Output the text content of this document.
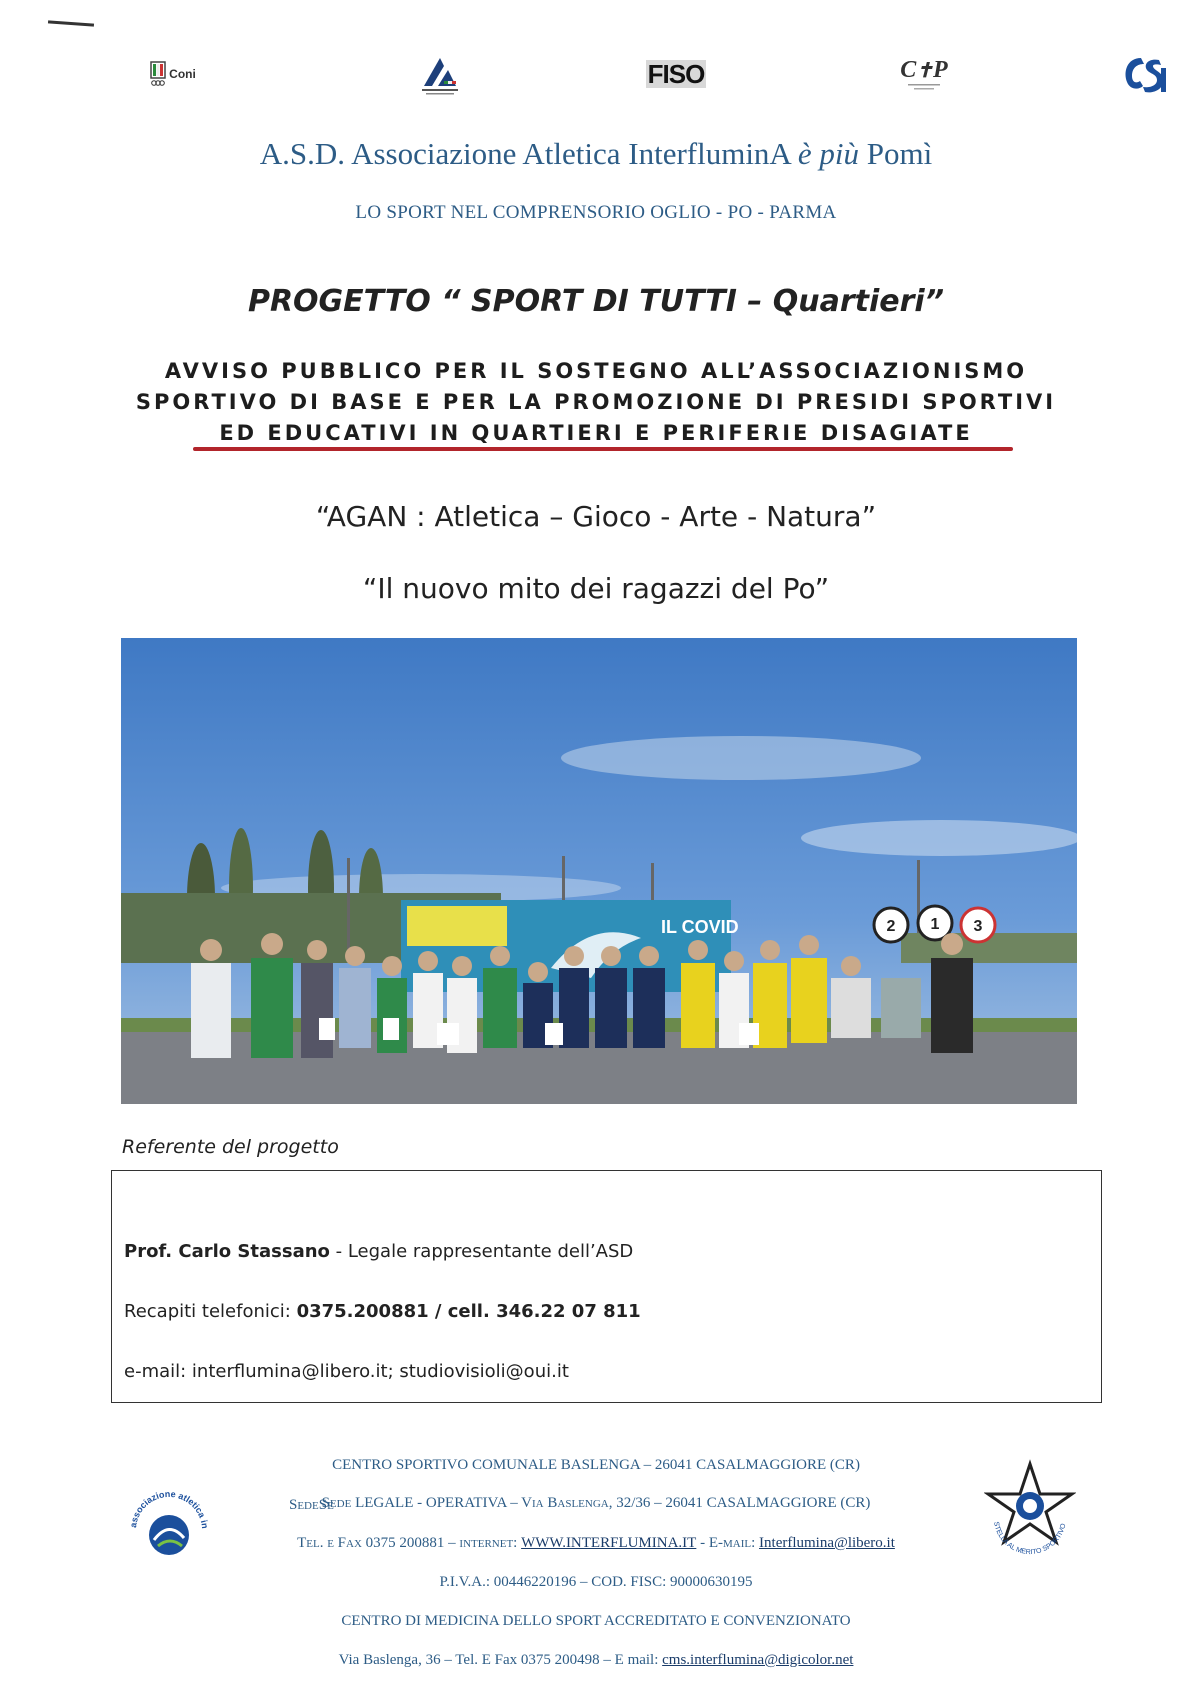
Coni	FISO	C✝P
A.S.D. Associazione Atletica InterfluminA è più Pomì
LO SPORT NEL COMPRENSORIO OGLIO - PO - PARMA
PROGETTO “ SPORT DI TUTTI – Quartieri”
AVVISO PUBBLICO PER IL SOSTEGNO ALL’ASSOCIAZIONISMO
SPORTIVO DI BASE E PER LA PROMOZIONE DI PRESIDI SPORTIVI
ED EDUCATIVI IN QUARTIERI E PERIFERIE DISAGIATE
“AGAN : Atletica – Gioco - Arte - Natura”
“Il nuovo mito dei ragazzi del Po”
IL COVID	2 1 3
Referente del progetto
Prof. Carlo Stassano - Legale rappresentante dell’ASD
Recapiti telefonici: 0375.200881 / cell. 346.22 07 811
e-mail: interflumina@libero.it; studiovisioli@oui.it
associazione atletica in	STELLA AL MERITO SPORTIVO
CENTRO SPORTIVO COMUNALE BASLENGA – 26041 CASALMAGGIORE (CR)
SedeSe
Sede LEGALE - OPERATIVA – Via Baslenga, 32/36 – 26041 CASALMAGGIORE (CR)
Tel. e Fax 0375 200881 – internet: WWW.INTERFLUMINA.IT - E-mail: Interflumina@libero.it
P.I.V.A.: 00446220196 – COD. FISC: 90000630195
CENTRO DI MEDICINA DELLO SPORT ACCREDITATO E CONVENZIONATO
Via Baslenga, 36 – Tel. E Fax 0375 200498 – E mail: cms.interflumina@digicolor.net
